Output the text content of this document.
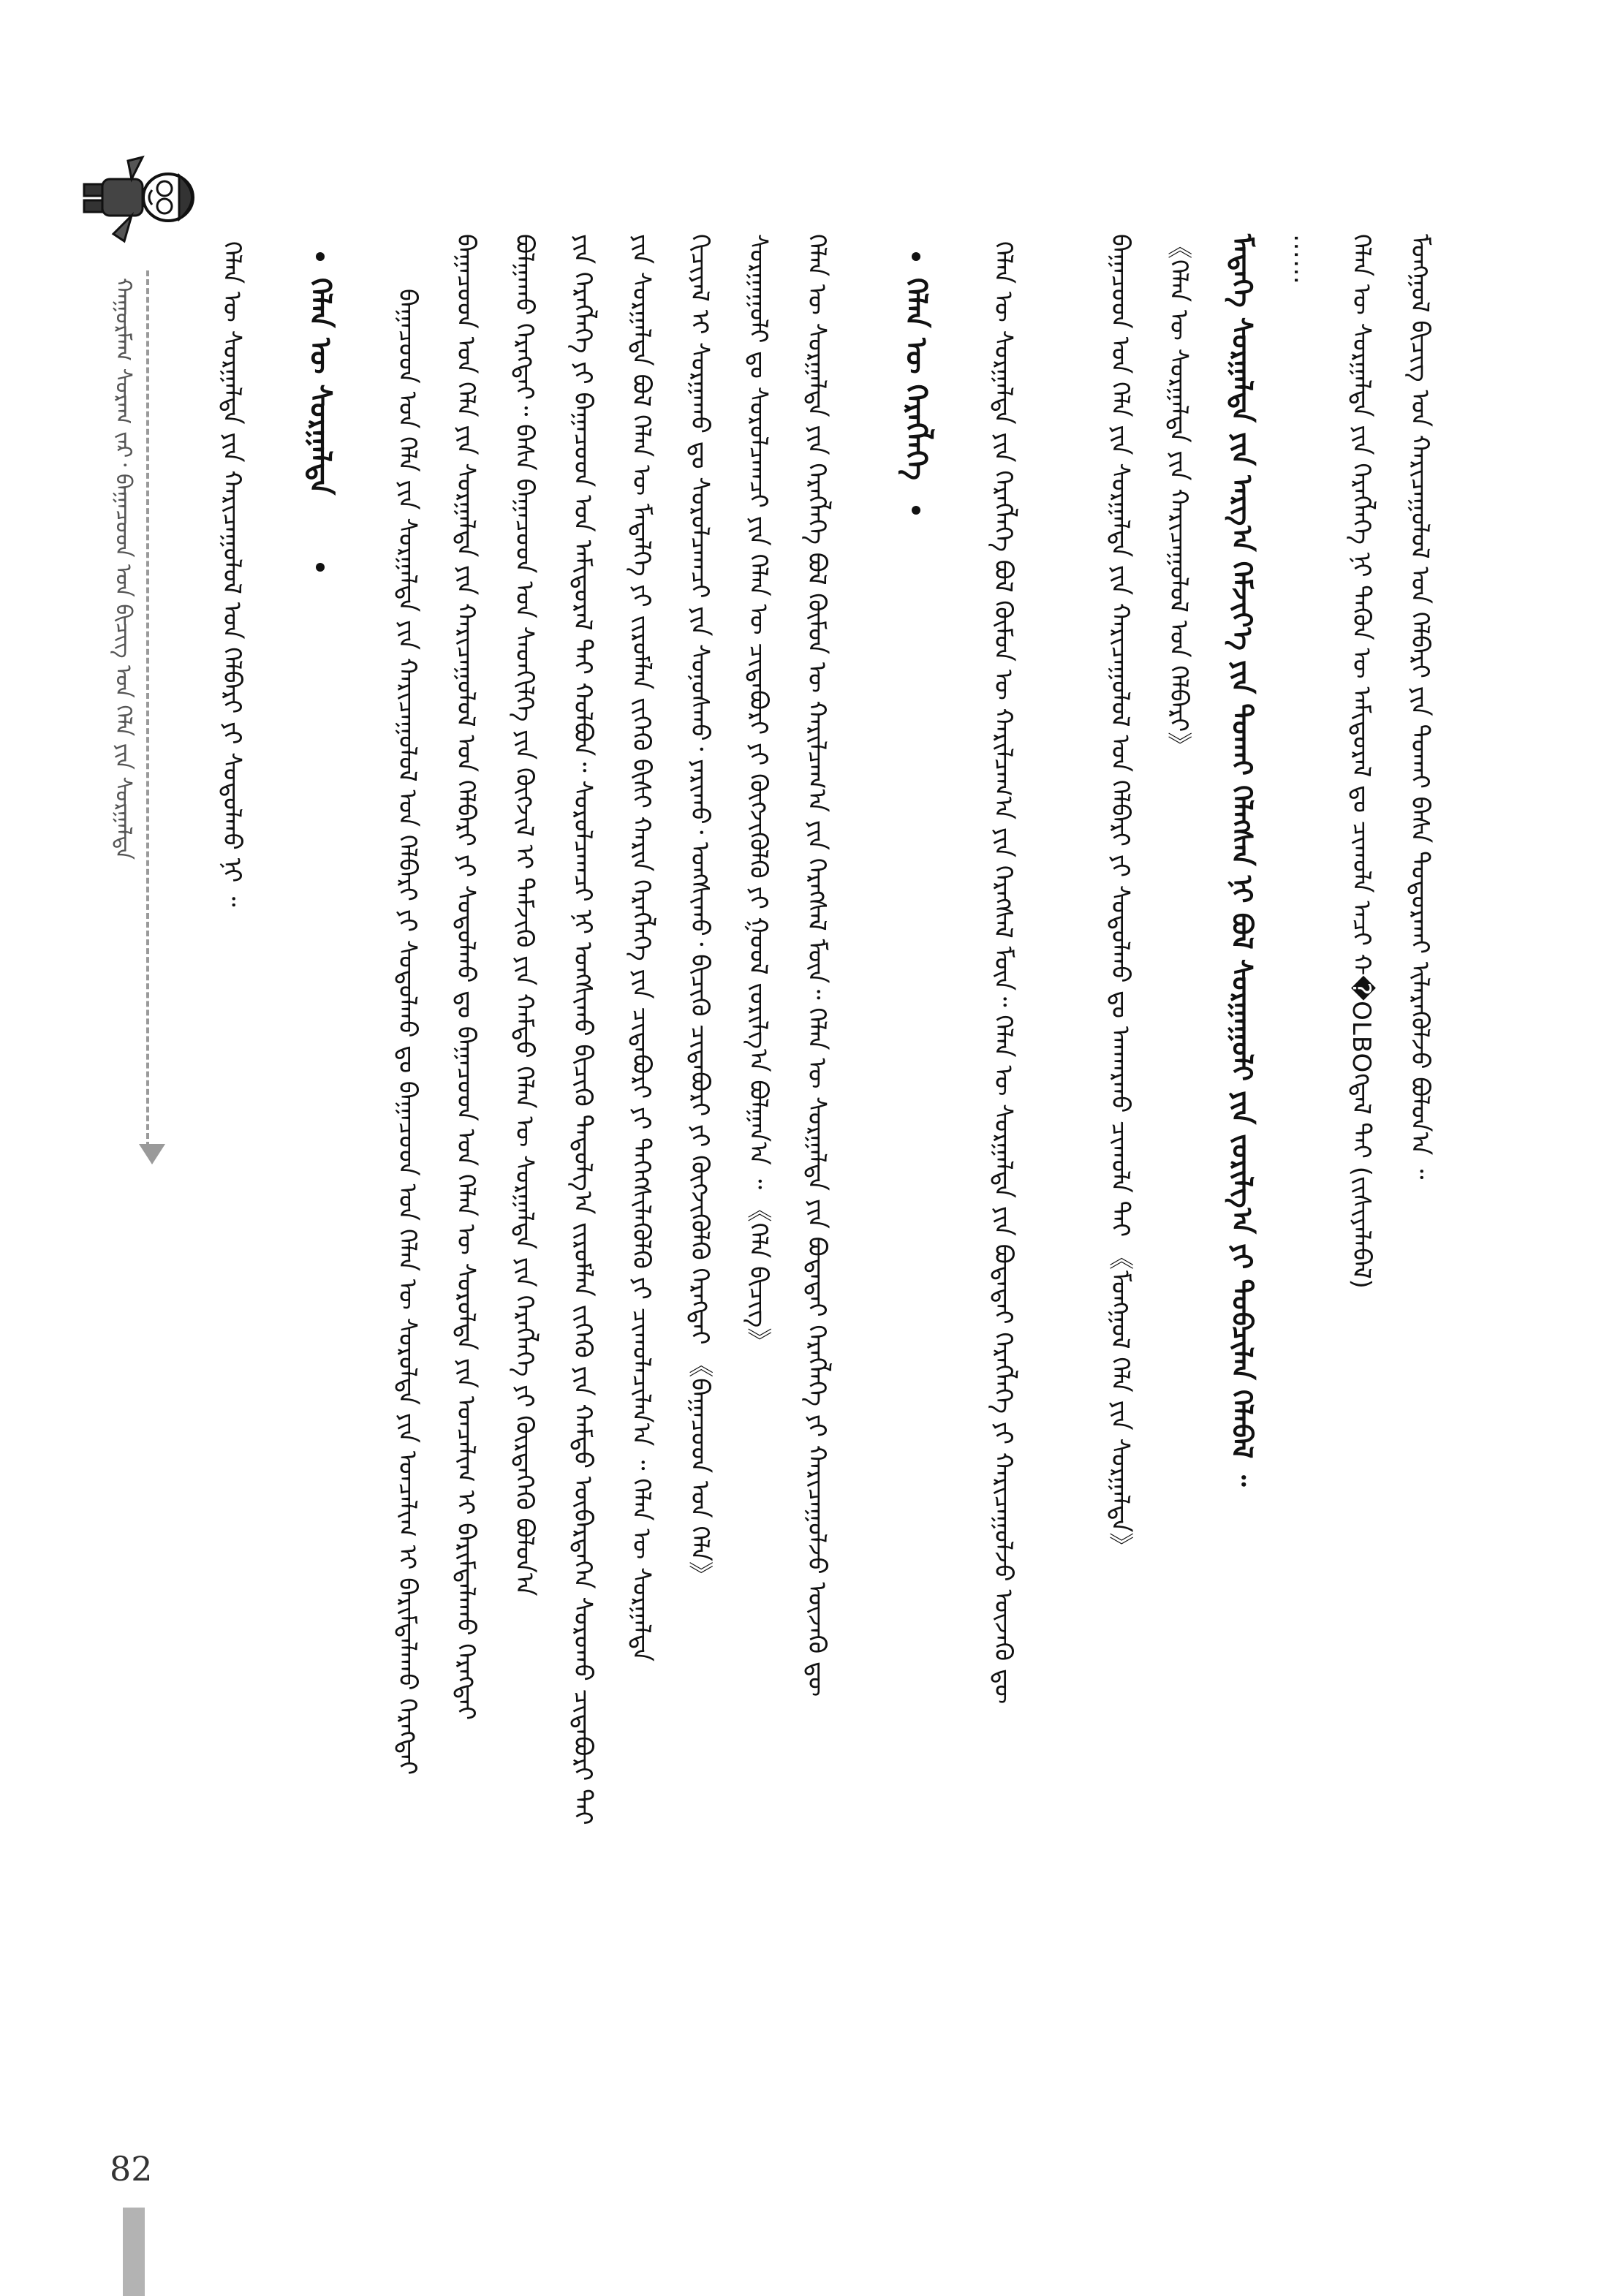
ᠮᠣᠩᠭᠣᠯ ᠪᠢᠴᠢᠭ ᠤᠨ ᠬᠠᠷᠢᠴᠠᠭᠤᠯᠤᠯ ᠤᠨ ᠬᠡᠯᠪᠡᠷᠢ ᠶᠢᠨ ᠲᠤᠬᠠᠢ ᠪᠠᠰᠠ ᠲᠣᠳᠣᠷᠬᠠᠢ ᠢᠯᠡᠷᠡᠭᠦᠯᠵᠦ ᠪᠣᠯᠤᠨ᠎ᠠ ᠃
ᠬᠡᠯᠡᠨ ᠦ ᠰᠤᠷᠭᠠᠯᠲᠠ ᠶᠢᠨ ᠬᠡᠷᠡᠭᠯᠡᠭᠡ ᠨᠢ ᠲᠡᠭᠦᠨ ᠦ ᠠᠮᠢᠳᠤᠷᠠᠯ ᠳᠤ ᠴᠢᠬᠤᠯᠠ ᠠᠴᠢ ᠬ�OLBOᠭᠳᠠᠯ ᠲᠠᠢ (ᠵᠢᠱᠢᠶᠡᠯᠡᠪᠡᠯ)
……
ᠮᠡᠳᠡᠭᠡ ᠰᠤᠷᠭᠠᠯᠲᠠ ᠶᠢᠨ ᠠᠷᠭ᠎ᠠ ᠬᠡᠮᠵᠢᠶ᠎ᠡ ᠶᠢᠨ ᠲᠤᠬᠠᠢ ᠬᠡᠯᠡᠭᠰᠡᠨ ᠨᠢ ᠪᠣᠯ ᠰᠤᠷᠭᠠᠭᠤᠯᠢ ᠶᠢᠨ ᠵᠣᠷᠢᠯᠭ᠎ᠠ ᠶᠢ ᠲᠣᠪᠴᠢᠯᠠᠨ ᠬᠡᠯᠡᠪᠡᠯ ᠃
《ᠬᠡᠯᠡᠨ ᠦ ᠰᠤᠷᠭᠠᠯᠲᠠ ᠶᠢᠨ ᠬᠠᠷᠢᠴᠠᠭᠤᠯᠤᠯ ᠤᠨ ᠬᠡᠯᠪᠡᠷᠢ》
ᠪᠠᠭᠠᠴᠤᠳ ᠤᠨ ᠬᠡᠯᠡ ᠶᠢᠨ ᠰᠤᠷᠭᠠᠯᠲᠠ ᠶᠢᠨ ᠬᠠᠷᠢᠴᠠᠭᠤᠯᠤᠯ ᠤᠨ ᠬᠡᠯᠪᠡᠷᠢ ᠶᠢ ᠰᠤᠳᠤᠯᠬᠤ ᠳᠤ ᠠᠨᠬᠠᠷᠬᠤ ᠴᠢᠬᠤᠯᠠ ᠲᠠᠢ 《ᠮᠣᠩᠭᠣᠯ ᠬᠡᠯᠡ ᠶᠢᠨ ᠰᠤᠷᠭᠠᠯᠲᠠ》
ᠬᠡᠯᠡᠨ ᠦ ᠰᠤᠷᠭᠠᠯᠲᠠ ᠶᠢᠨ ᠬᠡᠷᠡᠭᠯᠡᠭᠡ ᠪᠣᠯ ᠬᠦᠮᠦᠨ ᠦ ᠬᠠᠷᠢᠯᠴᠠᠭ᠎ᠠ ᠶᠢᠨ ᠬᠡᠷᠡᠭᠰᠡᠯ ᠮᠥᠨ᠃ ᠬᠡᠯᠡᠨ ᠦ ᠰᠤᠷᠭᠠᠯᠲᠠ ᠶᠢᠨ ᠪᠣᠳᠠᠳᠠᠢ ᠬᠡᠷᠡᠭᠯᠡᠭᠡ ᠶᠢ ᠬᠠᠷᠢᠴᠠᠭᠤᠯᠵᠤ ᠦᠵᠡᠬᠦ ᠳᠦ
ᠬᠡᠯᠡᠨ ᠦ ᠬᠡᠷᠡᠭᠯᠡᠭᠡ
ᠬᠡᠯᠡᠨ ᠦ ᠰᠤᠷᠭᠠᠯᠲᠠ ᠶᠢᠨ ᠬᠡᠷᠡᠭᠯᠡᠭᠡ ᠪᠣᠯ ᠬᠦᠮᠦᠨ ᠦ ᠬᠠᠷᠢᠯᠴᠠᠭ᠎ᠠ ᠶᠢᠨ ᠬᠡᠷᠡᠭᠰᠡᠯ ᠮᠥᠨ᠃ ᠬᠡᠯᠡᠨ ᠦ ᠰᠤᠷᠭᠠᠯᠲᠠ ᠶᠢᠨ ᠪᠣᠳᠠᠳᠠᠢ ᠬᠡᠷᠡᠭᠯᠡᠭᠡ ᠶᠢ ᠬᠠᠷᠢᠴᠠᠭᠤᠯᠵᠤ ᠦᠵᠡᠬᠦ ᠳᠦ
ᠰᠤᠷᠭᠠᠭᠤᠯᠢ ᠳᠤ ᠰᠤᠷᠤᠯᠴᠠᠭᠴᠢ ᠶᠢᠨ ᠬᠡᠯᠡᠨ ᠦ ᠴᠢᠳᠠᠪᠤᠷᠢ ᠶᠢ ᠬᠥᠭᠵᠢᠭᠦᠯᠬᠦ ᠶᠢ ᠭᠣᠣᠯ ᠵᠣᠷᠢᠯᠭ᠎ᠠ ᠪᠣᠯᠭᠠᠨ᠎ᠠ ᠃ 《ᠬᠡᠯᠡ ᠪᠢᠴᠢᠭ》
ᠬᠢᠴᠢᠶᠡᠯ ᠢ ᠰᠤᠷᠭᠠᠬᠤ ᠳᠤ ᠰᠤᠷᠤᠯᠴᠠᠭᠴᠢ ᠶᠢᠨ ᠰᠣᠨᠣᠰᠬᠤ᠂ ᠶᠠᠷᠢᠬᠤ᠂ ᠤᠩᠰᠢᠬᠤ᠂ ᠪᠢᠴᠢᠬᠦ ᠴᠢᠳᠠᠪᠤᠷᠢ ᠶᠢ ᠬᠥᠭᠵᠢᠭᠦᠯᠬᠦ ᠬᠡᠷᠡᠭᠲᠡᠢ 《ᠪᠠᠭᠠᠴᠤᠳ ᠤᠨ ᠬᠡᠯᠡ》
ᠶᠢᠨ ᠰᠤᠷᠭᠠᠯᠲᠠ ᠪᠣᠯ ᠬᠡᠯᠡᠨ ᠦ ᠮᠡᠳᠡᠯᠭᠡ ᠶᠢ ᠵᠢᠷᠤᠮᠯᠠᠨ ᠵᠢᠬᠡᠬᠦ ᠪᠢᠰᠢ ᠬᠠᠷᠢᠨ ᠬᠡᠷᠡᠭᠯᠡᠭᠡ ᠶᠢᠨ ᠴᠢᠳᠠᠪᠤᠷᠢ ᠶᠢ ᠳᠡᠭᠡᠭᠰᠢᠯᠡᠭᠦᠯᠬᠦ ᠶᠢ ᠴᠢᠬᠤᠯᠠᠴᠢᠯᠠᠨ᠎ᠠ ᠃ ᠬᠡᠯᠡᠨ ᠦ ᠰᠤᠷᠭᠠᠯᠲᠠ
ᠶᠢᠨ ᠬᠡᠷᠡᠭᠯᠡᠭᠡ ᠶᠢ ᠪᠠᠭᠠᠴᠤᠳ ᠤᠨ ᠠᠮᠢᠳᠤᠷᠠᠯ ᠲᠠᠢ ᠬᠣᠯᠪᠣᠨ᠃ ᠰᠤᠷᠤᠯᠴᠠᠭᠴᠢ ᠨᠢ ᠤᠩᠰᠢᠬᠤ ᠪᠢᠴᠢᠬᠦ ᠳᠠᠳᠤᠯᠭ᠎ᠠ ᠵᠢᠷᠤᠮᠯᠠᠨ ᠵᠢᠬᠡᠬᠦ ᠶᠢᠨ ᠬᠠᠮᠲᠤ ᠥᠪᠡᠷᠲᠡᠭᠡᠨ ᠰᠤᠷᠤᠬᠤ ᠴᠢᠳᠠᠪᠤᠷᠢ ᠲᠠᠢ
ᠪᠣᠯᠭᠠᠬᠤ ᠬᠡᠷᠡᠭᠲᠡᠢ᠃ ᠪᠠᠰᠠ ᠪᠠᠭᠠᠴᠤᠳ ᠤᠨ ᠰᠡᠳᠬᠢᠯᠭᠡ ᠶᠢᠨ ᠬᠥᠭᠵᠢᠯ ᠢ ᠳᠡᠮᠵᠢᠬᠦ ᠶᠢᠨ ᠬᠠᠮᠲᠤ ᠬᠡᠯᠡᠨ ᠦ ᠰᠤᠷᠭᠠᠯᠲᠠ ᠶᠢᠨ ᠬᠡᠷᠡᠭᠯᠡᠭᠡ ᠶᠢ ᠬᠦᠷᠲᠡᠭᠡᠬᠦ ᠪᠣᠯᠤᠨ᠎ᠠ
ᠪᠠᠭᠠᠴᠤᠳ ᠤᠨ ᠬᠡᠯᠡ ᠶᠢᠨ ᠰᠤᠷᠭᠠᠯᠲᠠ ᠶᠢᠨ ᠬᠠᠷᠢᠴᠠᠭᠤᠯᠤᠯ ᠤᠨ ᠬᠡᠯᠪᠡᠷᠢ ᠶᠢ ᠰᠤᠳᠤᠯᠬᠤ ᠳᠤ ᠪᠠᠭᠠᠴᠤᠳ ᠤᠨ ᠬᠡᠯᠡᠨ ᠦ ᠰᠤᠷᠤᠯᠲᠠ ᠶᠢᠨ ᠣᠨᠴᠠᠯᠢᠭ ᠢ ᠪᠠᠷᠢᠮᠲᠠᠯᠠᠬᠤ ᠬᠡᠷᠡᠭᠲᠡᠢ
ᠪᠠᠭᠠᠴᠤᠳ ᠤᠨ ᠬᠡᠯᠡ ᠶᠢᠨ ᠰᠤᠷᠭᠠᠯᠲᠠ ᠶᠢᠨ ᠬᠠᠷᠢᠴᠠᠭᠤᠯᠤᠯ ᠤᠨ ᠬᠡᠯᠪᠡᠷᠢ ᠶᠢ ᠰᠤᠳᠤᠯᠬᠤ ᠳᠤ ᠪᠠᠭᠠᠴᠤᠳ ᠤᠨ ᠬᠡᠯᠡᠨ ᠦ ᠰᠤᠷᠤᠯᠲᠠ ᠶᠢᠨ ᠣᠨᠴᠠᠯᠢᠭ ᠢ ᠪᠠᠷᠢᠮᠲᠠᠯᠠᠬᠤ ᠬᠡᠷᠡᠭᠲᠡᠢ
ᠬᠡᠯᠡᠨ ᠦ ᠰᠤᠷᠭᠠᠯᠲᠠ
ᠬᠡᠯᠡᠨ ᠦ ᠰᠤᠷᠭᠠᠯᠲᠠ ᠶᠢᠨ ᠬᠠᠷᠢᠴᠠᠭᠤᠯᠤᠯ ᠤᠨ ᠬᠡᠯᠪᠡᠷᠢ ᠶᠢ ᠰᠤᠳᠤᠯᠬᠤ ᠨᠢ ᠃
ᠬᠠᠭᠤᠷᠮᠠᠭ ᠰᠤᠷᠠᠭ ᠵᠠᠷ᠂ ᠪᠠᠭᠠᠴᠤᠳ ᠤᠨ ᠪᠢᠴᠢᠭ ᠤᠨ ᠬᠡᠯᠡ ᠶᠢᠨ ᠰᠤᠷᠭᠠᠯᠲᠠ
82
